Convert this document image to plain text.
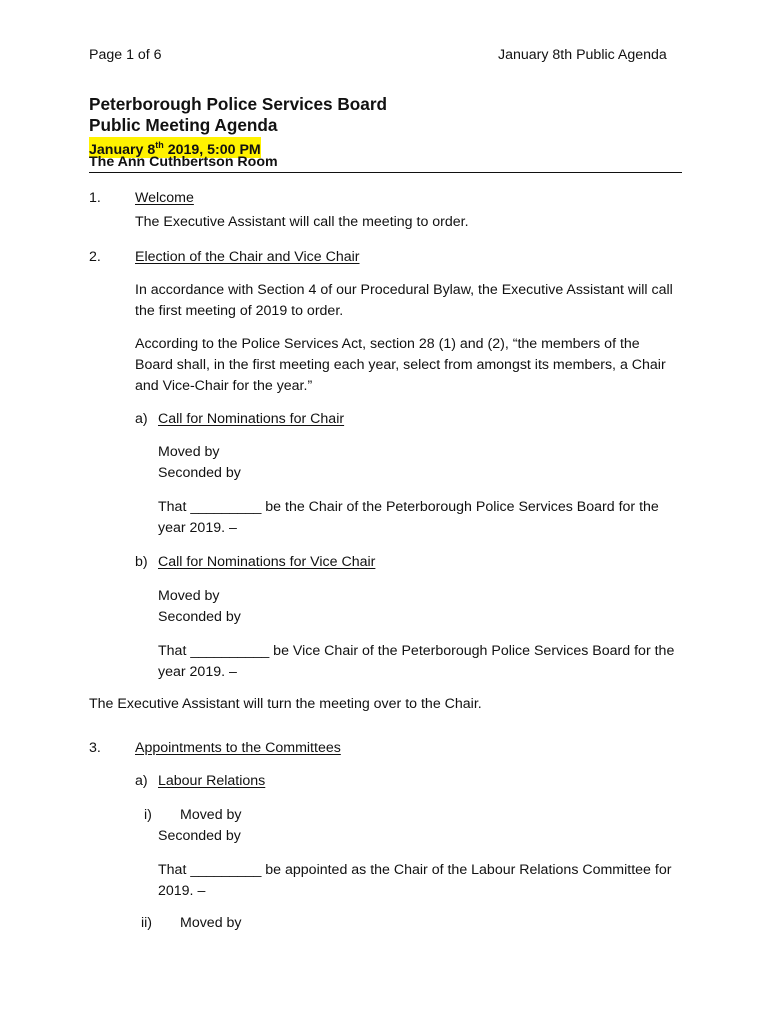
Page 1 of 6	January 8th Public Agenda
Peterborough Police Services Board
Public Meeting Agenda
January 8th 2019, 5:00 PM
The Ann Cuthbertson Room
1. Welcome
The Executive Assistant will call the meeting to order.
2. Election of the Chair and Vice Chair
In accordance with Section 4 of our Procedural Bylaw, the Executive Assistant will call the first meeting of 2019 to order.
According to the Police Services Act, section 28 (1) and (2), “the members of the Board shall, in the first meeting each year, select from amongst its members, a Chair and Vice-Chair for the year.”
a) Call for Nominations for Chair
Moved by
Seconded by
That _________ be the Chair of the Peterborough Police Services Board for the year 2019. –
b) Call for Nominations for Vice Chair
Moved by
Seconded by
That __________ be Vice Chair of the Peterborough Police Services Board for the year 2019. –
The Executive Assistant will turn the meeting over to the Chair.
3. Appointments to the Committees
a) Labour Relations
i) Moved by
Seconded by
That _________ be appointed as the Chair of the Labour Relations Committee for 2019. –
ii) Moved by
